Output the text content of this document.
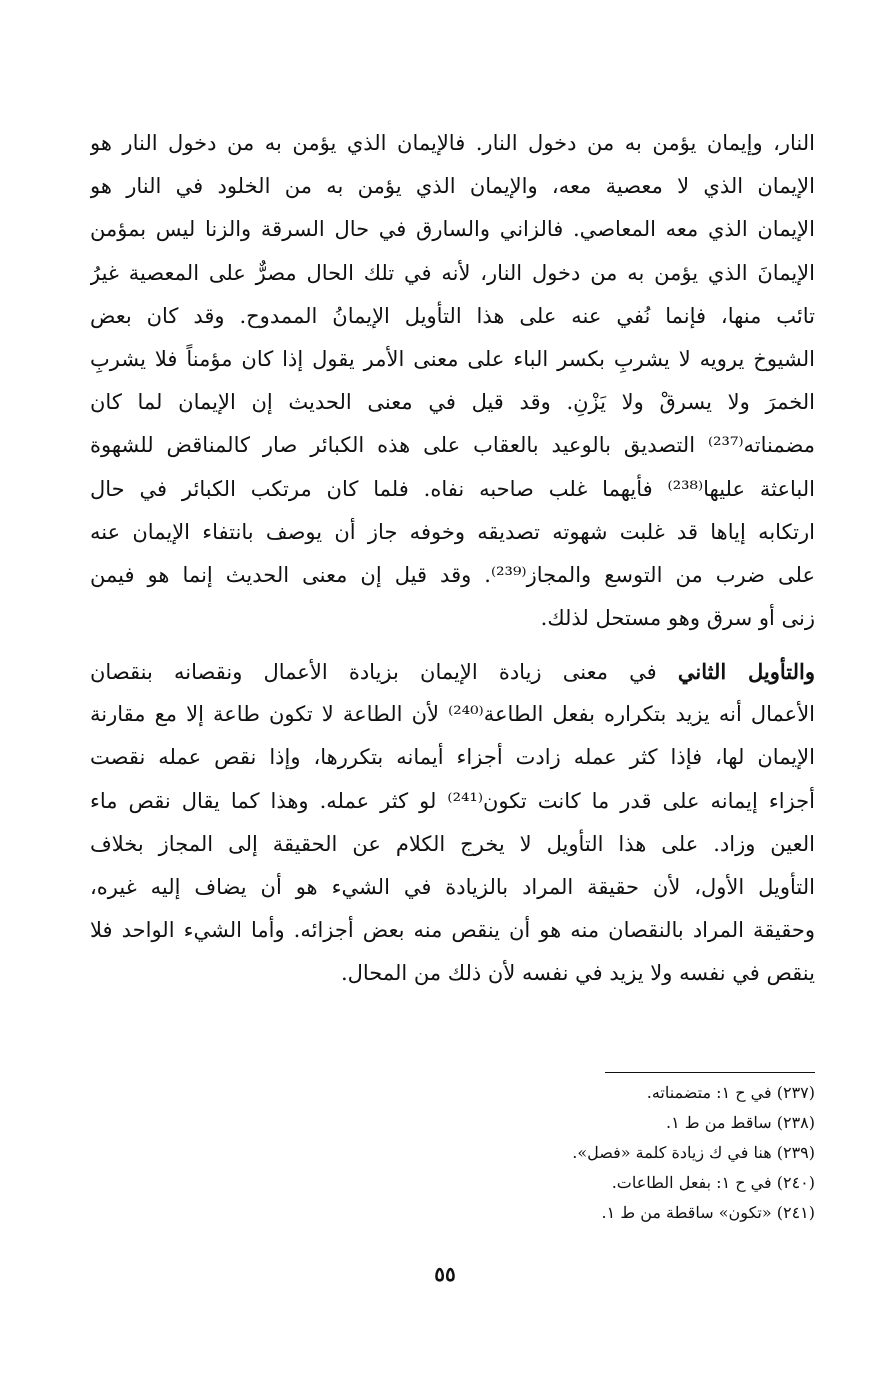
النار، وإيمان يؤمن به من دخول النار. فالإيمان الذي يؤمن به من دخول النار هو
الإيمان الذي لا معصية معه، والإيمان الذي يؤمن به من الخلود في النار هو
الإيمان الذي معه المعاصي. فالزاني والسارق في حال السرقة والزنا ليس بمؤمن
الإيمانَ الذي يؤمن به من دخول النار، لأنه في تلك الحال مصرٌّ على المعصية غيرُ
تائب منها، فإنما نُفي عنه على هذا التأويل الإيمانُ الممدوح. وقد كان بعض
الشيوخ يرويه لا يشربِ بكسر الباء على معنى الأمر يقول إذا كان مؤمناً فلا يشربِ
الخمرَ ولا يسرقْ ولا يَزْنِ. وقد قيل في معنى الحديث إن الإيمان لما كان
مضمناته⁽²³⁷⁾ التصديق بالوعيد بالعقاب على هذه الكبائر صار كالمناقض للشهوة
الباعثة عليها⁽²³⁸⁾ فأيهما غلب صاحبه نفاه. فلما كان مرتكب الكبائر في حال
ارتكابه إياها قد غلبت شهوته تصديقه وخوفه جاز أن يوصف بانتفاء الإيمان عنه
على ضرب من التوسع والمجاز⁽²³⁹⁾. وقد قيل إن معنى الحديث إنما هو فيمن
زنى أو سرق وهو مستحل لذلك.
والتأويل الثاني في معنى زيادة الإيمان بزيادة الأعمال ونقصانه بنقصان
الأعمال أنه يزيد بتكراره بفعل الطاعة⁽²⁴⁰⁾ لأن الطاعة لا تكون طاعة إلا مع مقارنة
الإيمان لها، فإذا كثر عمله زادت أجزاء أيمانه بتكررها، وإذا نقص عمله نقصت
أجزاء إيمانه على قدر ما كانت تكون⁽²⁴¹⁾ لو كثر عمله. وهذا كما يقال نقص ماء
العين وزاد. على هذا التأويل لا يخرج الكلام عن الحقيقة إلى المجاز بخلاف
التأويل الأول، لأن حقيقة المراد بالزيادة في الشيء هو أن يضاف إليه غيره،
وحقيقة المراد بالنقصان منه هو أن ينقص منه بعض أجزائه. وأما الشيء الواحد فلا
ينقص في نفسه ولا يزيد في نفسه لأن ذلك من المحال.
(٢٣٧) في ح ١: متضمناته.
(٢٣٨) ساقط من ط ١.
(٢٣٩) هنا في ك زيادة كلمة «فصل».
(٢٤٠) في ح ١: بفعل الطاعات.
(٢٤١) «تكون» ساقطة من ط ١.
٥٥
